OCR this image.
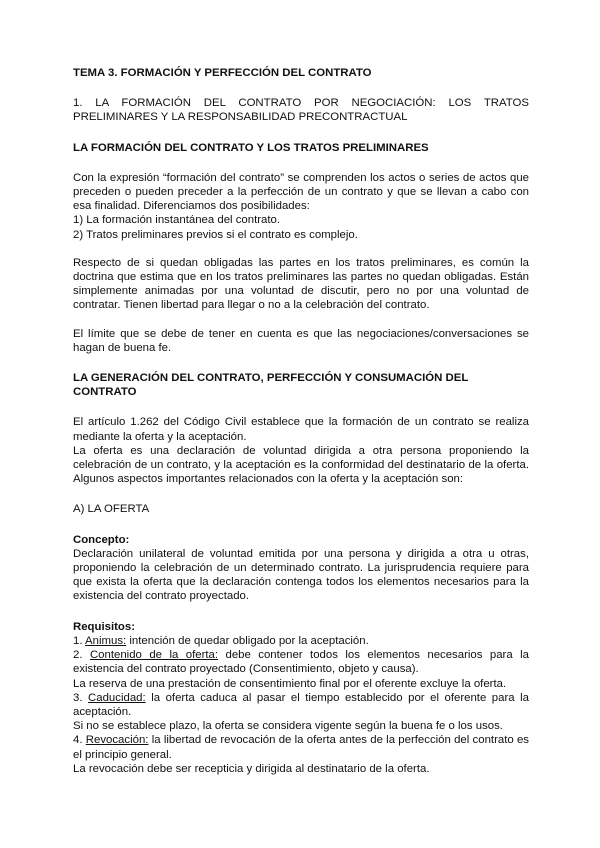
TEMA 3. FORMACIÓN Y PERFECCIÓN DEL CONTRATO

1. LA FORMACIÓN DEL CONTRATO POR NEGOCIACIÓN: LOS TRATOS PRELIMINARES Y LA RESPONSABILIDAD PRECONTRACTUAL

LA FORMACIÓN DEL CONTRATO Y LOS TRATOS PRELIMINARES

Con la expresión “formación del contrato” se comprenden los actos o series de actos que preceden o pueden preceder a la perfección de un contrato y que se llevan a cabo con esa finalidad. Diferenciamos dos posibilidades:

1) La formación instantánea del contrato.

2) Tratos preliminares previos si el contrato es complejo.

Respecto de si quedan obligadas las partes en los tratos preliminares, es común la doctrina que estima que en los tratos preliminares las partes no quedan obligadas. Están simplemente animadas por una voluntad de discutir, pero no por una voluntad de contratar. Tienen libertad para llegar o no a la celebración del contrato.

El límite que se debe de tener en cuenta es que las negociaciones/conversaciones se hagan de buena fe.

LA GENERACIÓN DEL CONTRATO, PERFECCIÓN Y CONSUMACIÓN DEL CONTRATO

El artículo 1.262 del Código Civil establece que la formación de un contrato se realiza mediante la oferta y la aceptación.

La oferta es una declaración de voluntad dirigida a otra persona proponiendo la celebración de un contrato, y la aceptación es la conformidad del destinatario de la oferta. Algunos aspectos importantes relacionados con la oferta y la aceptación son:

A) LA OFERTA

Concepto:

Declaración unilateral de voluntad emitida por una persona y dirigida a otra u otras, proponiendo la celebración de un determinado contrato. La jurisprudencia requiere para que exista la oferta que la declaración contenga todos los elementos necesarios para la existencia del contrato proyectado.

Requisitos:

1. Animus: intención de quedar obligado por la aceptación.

2. Contenido de la oferta: debe contener todos los elementos necesarios para la existencia del contrato proyectado (Consentimiento, objeto y causa).

La reserva de una prestación de consentimiento final por el oferente excluye la oferta.

3. Caducidad: la oferta caduca al pasar el tiempo establecido por el oferente para la aceptación.

Si no se establece plazo, la oferta se considera vigente según la buena fe o los usos.

4. Revocación: la libertad de revocación de la oferta antes de la perfección del contrato es el principio general.

La revocación debe ser recepticia y dirigida al destinatario de la oferta.
